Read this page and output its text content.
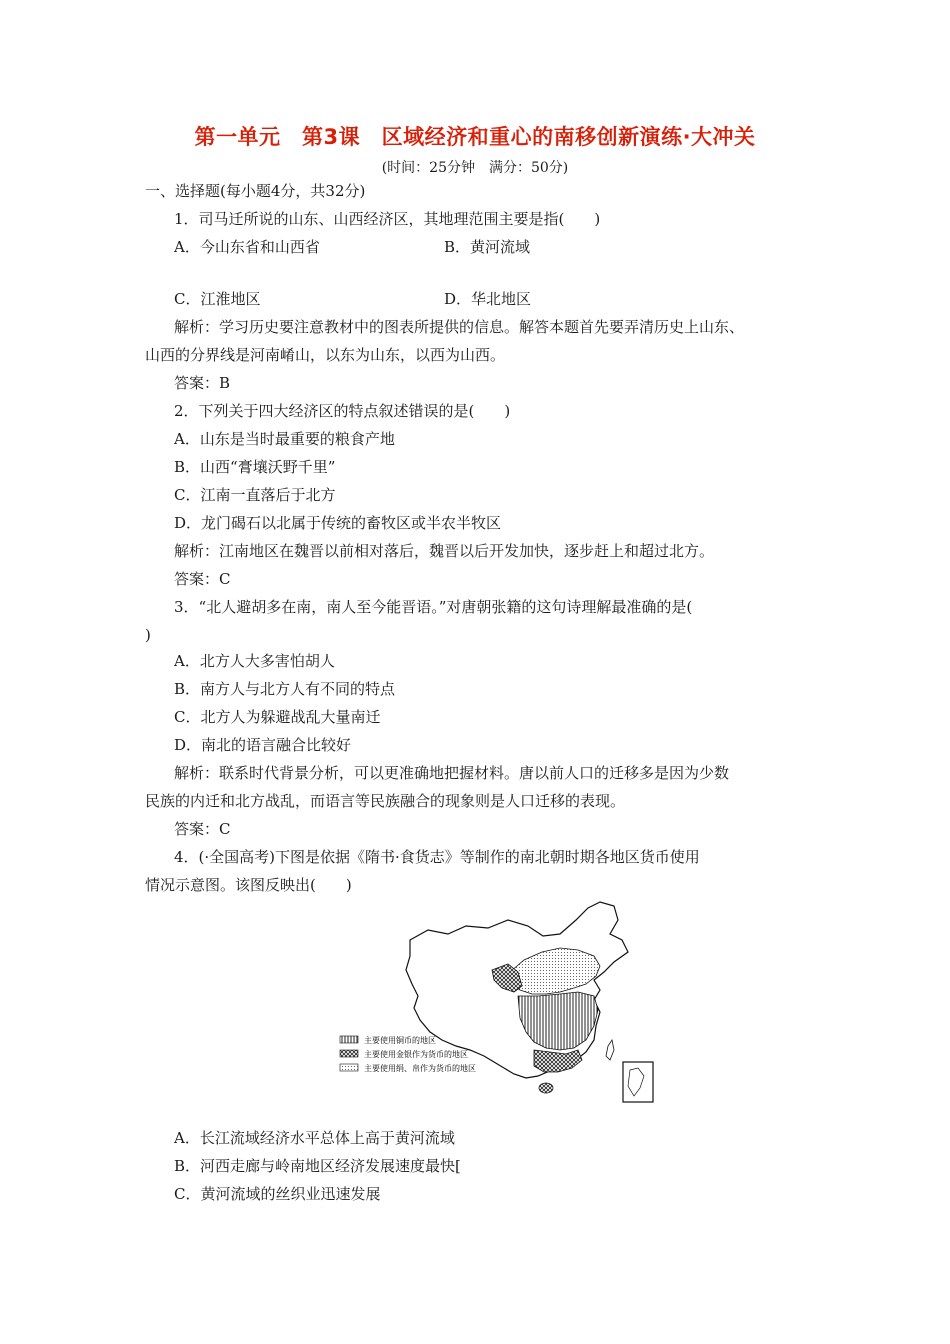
第一单元　第3课　区域经济和重心的南移创新演练·大冲关
(时间：25分钟　满分：50分)
一、选择题(每小题4分，共32分)
1．司马迁所说的山东、山西经济区，其地理范围主要是指(　　)
A．今山东省和山西省	B．黄河流域
C．江淮地区	D．华北地区
解析：学习历史要注意教材中的图表所提供的信息。解答本题首先要弄清历史上山东、
山西的分界线是河南崤山，以东为山东，以西为山西。
答案：B
2．下列关于四大经济区的特点叙述错误的是(　　)
A．山东是当时最重要的粮食产地
B．山西“膏壤沃野千里”
C．江南一直落后于北方
D．龙门碣石以北属于传统的畜牧区或半农半牧区
解析：江南地区在魏晋以前相对落后，魏晋以后开发加快，逐步赶上和超过北方。
答案：C
3．“北人避胡多在南，南人至今能晋语。”对唐朝张籍的这句诗理解最准确的是(
)
A．北方人大多害怕胡人
B．南方人与北方人有不同的特点
C．北方人为躲避战乱大量南迁
D．南北的语言融合比较好
解析：联系时代背景分析，可以更准确地把握材料。唐以前人口的迁移多是因为少数
民族的内迁和北方战乱，而语言等民族融合的现象则是人口迁移的表现。
答案：C
4．(·全国高考)下图是依据《隋书·食货志》等制作的南北朝时期各地区货币使用
情况示意图。该图反映出(　　)
主要使用铜币的地区
主要使用金银作为货币的地区
主要使用绢、帛作为货币的地区
A．长江流域经济水平总体上高于黄河流域
B．河西走廊与岭南地区经济发展速度最快[
C．黄河流域的丝织业迅速发展
